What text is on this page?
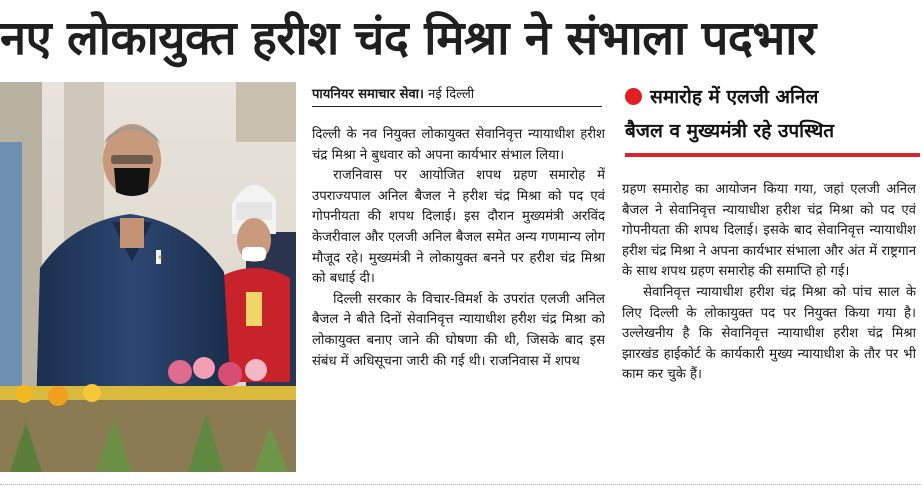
नए लोकायुक्त हरीश चंद मिश्रा ने संभाला पदभार
पायनियर समाचार सेवा। नई दिल्ली

दिल्ली के नव नियुक्त लोकायुक्त सेवानिवृत्त न्यायाधीश हरीश चंद्र मिश्रा ने बुधवार को अपना कार्यभार संभाल लिया।

राजनिवास पर आयोजित शपथ ग्रहण समारोह में उपराज्यपाल अनिल बैजल ने हरीश चंद्र मिश्रा को पद एवं गोपनीयता की शपथ दिलाई। इस दौरान मुख्यमंत्री अरविंद केजरीवाल और एलजी अनिल बैजल समेत अन्य गणमान्य लोग मौजूद रहे। मुख्यमंत्री ने लोकायुक्त बनने पर हरीश चंद्र मिश्रा को बधाई दी।

दिल्ली सरकार के विचार-विमर्श के उपरांत एलजी अनिल बैजल ने बीते दिनों सेवानिवृत्त न्यायाधीश हरीश चंद्र मिश्रा को लोकायुक्त बनाए जाने की घोषणा की थी, जिसके बाद इस संबंध में अधिसूचना जारी की गई थी। राजनिवास में शपथ

समारोह में एलजी अनिल
बैजल व मुख्यमंत्री रहे उपस्थित

ग्रहण समारोह का आयोजन किया गया, जहां एलजी अनिल बैजल ने सेवानिवृत्त न्यायाधीश हरीश चंद्र मिश्रा को पद एवं गोपनीयता की शपथ दिलाई। इसके बाद सेवानिवृत्त न्यायाधीश हरीश चंद्र मिश्रा ने अपना कार्यभार संभाला और अंत में राष्ट्रगान के साथ शपथ ग्रहण समारोह की समाप्ति हो गई।

सेवानिवृत्त न्यायाधीश हरीश चंद्र मिश्रा को पांच साल के लिए दिल्ली के लोकायुक्त पद पर नियुक्त किया गया है। उल्लेखनीय है कि सेवानिवृत्त न्यायाधीश हरीश चंद्र मिश्रा झारखंड हाईकोर्ट के कार्यकारी मुख्य न्यायाधीश के तौर पर भी काम कर चुके हैं।
